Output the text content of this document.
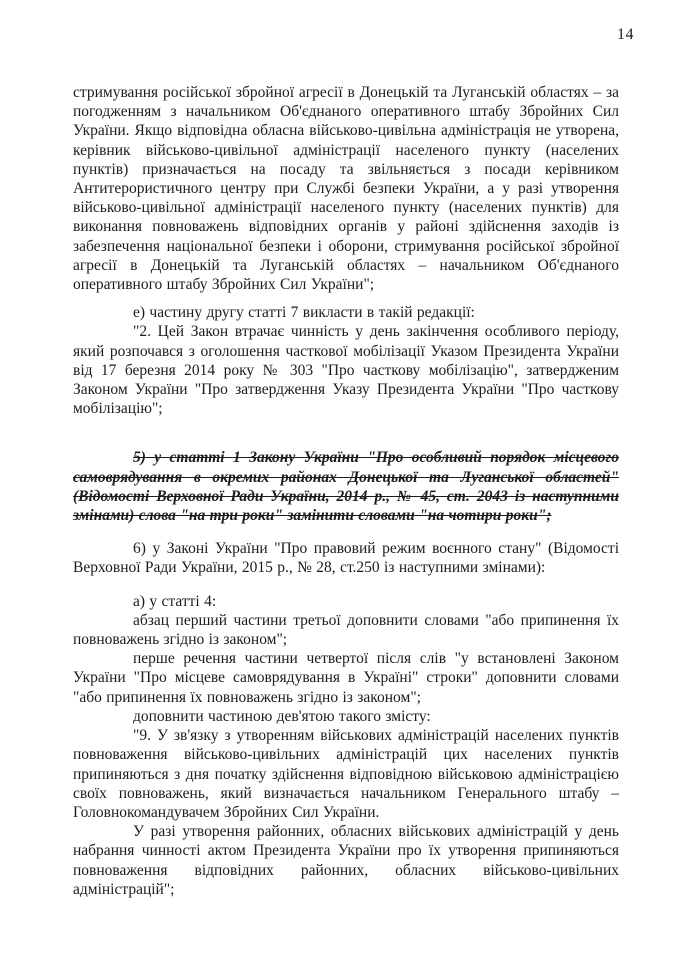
14

стримування російської збройної агресії в Донецькій та Луганській областях – за погодженням з начальником Об'єднаного оперативного штабу Збройних Сил України. Якщо відповідна обласна військово-цивільна адміністрація не утворена, керівник військово-цивільної адміністрації населеного пункту (населених пунктів) призначається на посаду та звільняється з посади керівником Антитерористичного центру при Службі безпеки України, а у разі утворення військово-цивільної адміністрації населеного пункту (населених пунктів) для виконання повноважень відповідних органів у районі здійснення заходів із забезпечення національної безпеки і оборони, стримування російської збройної агресії в Донецькій та Луганській областях – начальником Об'єднаного оперативного штабу Збройних Сил України";

е) частину другу статті 7 викласти в такій редакції:

"2. Цей Закон втрачає чинність у день закінчення особливого періоду, який розпочався з оголошення часткової мобілізації Указом Президента України від 17 березня 2014 року № 303 "Про часткову мобілізацію", затвердженим Законом України "Про затвердження Указу Президента України "Про часткову мобілізацію";

5) у статті 1 Закону України "Про особливий порядок місцевого самоврядування в окремих районах Донецької та Луганської областей" (Відомості Верховної Ради України, 2014 р., № 45, ст. 2043 із наступними змінами) слова "на три роки" замінити словами "на чотири роки";

6) у Законі України "Про правовий режим воєнного стану" (Відомості Верховної Ради України, 2015 р., № 28, ст.250 із наступними змінами):

а) у статті 4:

абзац перший частини третьої доповнити словами "або припинення їх повноважень згідно із законом";

перше речення частини четвертої після слів "у встановлені Законом України "Про місцеве самоврядування в Україні" строки" доповнити словами "або припинення їх повноважень згідно із законом";

доповнити частиною дев'ятою такого змісту:

"9. У зв'язку з утворенням військових адміністрацій населених пунктів повноваження військово-цивільних адміністрацій цих населених пунктів припиняються з дня початку здійснення відповідною військовою адміністрацією своїх повноважень, який визначається начальником Генерального штабу – Головнокомандувачем Збройних Сил України.

У разі утворення районних, обласних військових адміністрацій у день набрання чинності актом Президента України про їх утворення припиняються повноваження відповідних районних, обласних військово-цивільних адміністрацій";
